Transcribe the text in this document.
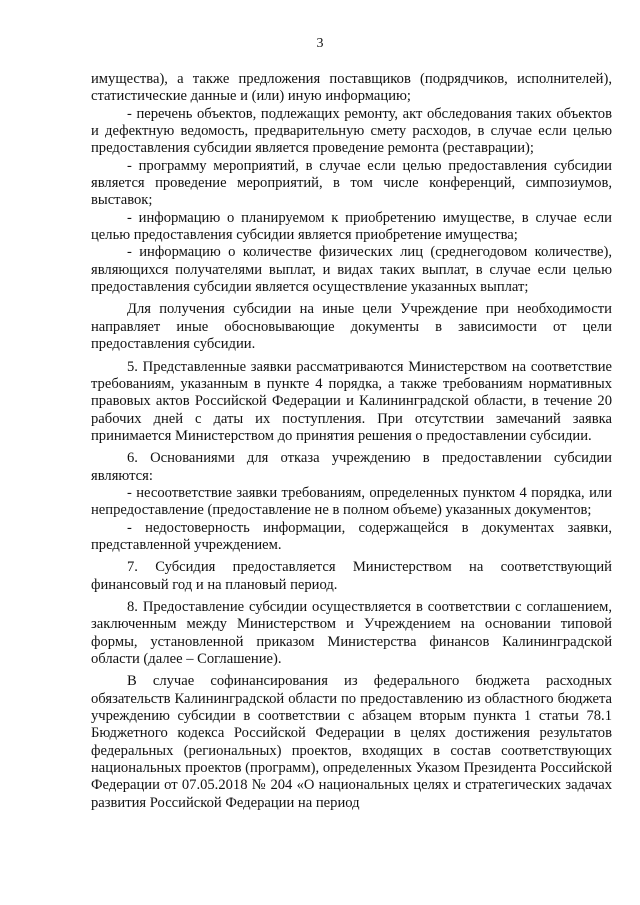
3

имущества), а также предложения поставщиков (подрядчиков, исполнителей), статистические данные и (или) иную информацию;

- перечень объектов, подлежащих ремонту, акт обследования таких объектов и дефектную ведомость, предварительную смету расходов, в случае если целью предоставления субсидии является проведение ремонта (реставрации);

- программу мероприятий, в случае если целью предоставления субсидии является проведение мероприятий, в том числе конференций, симпозиумов, выставок;

- информацию о планируемом к приобретению имуществе, в случае если целью предоставления субсидии является приобретение имущества;

- информацию о количестве физических лиц (среднегодовом количестве), являющихся получателями выплат, и видах таких выплат, в случае если целью предоставления субсидии является осуществление указанных выплат;

Для получения субсидии на иные цели Учреждение при необходимости направляет иные обосновывающие документы в зависимости от цели предоставления субсидии.

5. Представленные заявки рассматриваются Министерством на соответствие требованиям, указанным в пункте 4 порядка, а также требованиям нормативных правовых актов Российской Федерации и Калининградской области, в течение 20 рабочих дней с даты их поступления. При отсутствии замечаний заявка принимается Министерством до принятия решения о предоставлении субсидии.

6. Основаниями для отказа учреждению в предоставлении субсидии являются:

- несоответствие заявки требованиям, определенных пунктом 4 порядка, или непредоставление (предоставление не в полном объеме) указанных документов;

- недостоверность информации, содержащейся в документах заявки, представленной учреждением.

7. Субсидия предоставляется Министерством на соответствующий финансовый год и на плановый период.

8. Предоставление субсидии осуществляется в соответствии с соглашением, заключенным между Министерством и Учреждением на основании типовой формы, установленной приказом Министерства финансов Калининградской области (далее – Соглашение).

В случае софинансирования из федерального бюджета расходных обязательств Калининградской области по предоставлению из областного бюджета учреждению субсидии в соответствии с абзацем вторым пункта 1 статьи 78.1 Бюджетного кодекса Российской Федерации в целях достижения результатов федеральных (региональных) проектов, входящих в состав соответствующих национальных проектов (программ), определенных Указом Президента Российской Федерации от 07.05.2018 № 204 «О национальных целях и стратегических задачах развития Российской Федерации на период
